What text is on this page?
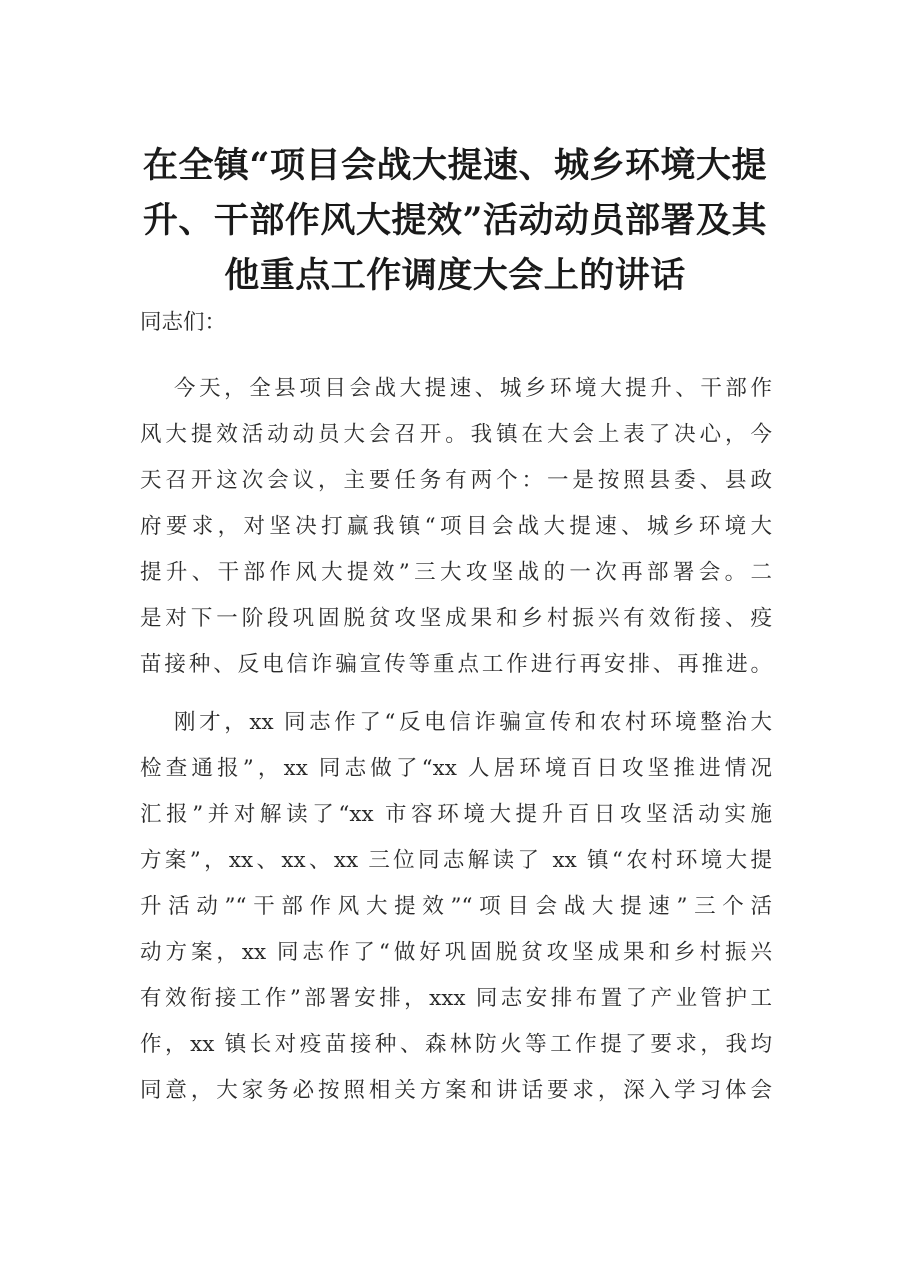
在全镇“项目会战大提速、城乡环境大提
升、干部作风大提效”活动动员部署及其
他重点工作调度大会上的讲话

同志们：

今天，全县项目会战大提速、城乡环境大提升、干部作
风大提效活动动员大会召开。我镇在大会上表了决心，今
天召开这次会议，主要任务有两个：一是按照县委、县政
府要求，对坚决打赢我镇“项目会战大提速、城乡环境大
提升、干部作风大提效”三大攻坚战的一次再部署会。二
是对下一阶段巩固脱贫攻坚成果和乡村振兴有效衔接、疫
苗接种、反电信诈骗宣传等重点工作进行再安排、再推进。

刚才，xx 同志作了“反电信诈骗宣传和农村环境整治大
检查通报”，xx 同志做了“xx 人居环境百日攻坚推进情况
汇报”并对解读了“xx 市容环境大提升百日攻坚活动实施
方案”，xx、xx、xx 三位同志解读了 xx 镇“农村环境大提
升活动”“干部作风大提效”“项目会战大提速”三个活
动方案，xx 同志作了“做好巩固脱贫攻坚成果和乡村振兴
有效衔接工作”部署安排，xxx 同志安排布置了产业管护工
作，xx 镇长对疫苗接种、森林防火等工作提了要求，我均
同意，大家务必按照相关方案和讲话要求，深入学习体会
